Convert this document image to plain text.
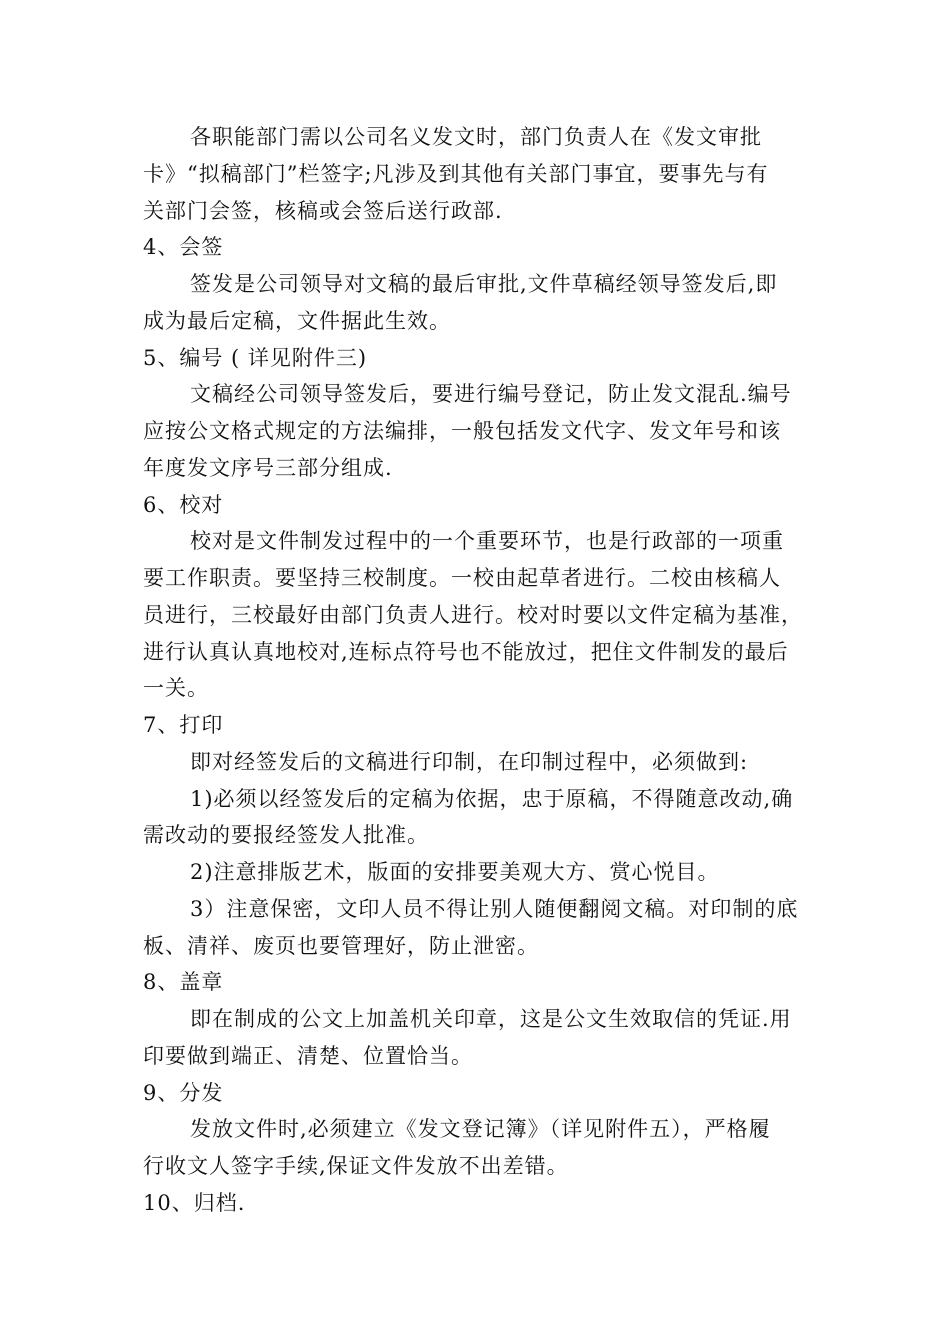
各职能部门需以公司名义发文时，部门负责人在《发文审批
卡》“拟稿部门”栏签字;凡涉及到其他有关部门事宜，要事先与有
关部门会签，核稿或会签后送行政部.
4、会签
签发是公司领导对文稿的最后审批,文件草稿经领导签发后,即
成为最后定稿，文件据此生效。
5、编号 ( 详见附件三)
文稿经公司领导签发后，要进行编号登记，防止发文混乱.编号
应按公文格式规定的方法编排，一般包括发文代字、发文年号和该
年度发文序号三部分组成.
6、校对
校对是文件制发过程中的一个重要环节，也是行政部的一项重
要工作职责。要坚持三校制度。一校由起草者进行。二校由核稿人
员进行，三校最好由部门负责人进行。校对时要以文件定稿为基准，
进行认真认真地校对,连标点符号也不能放过，把住文件制发的最后
一关。
7、打印
即对经签发后的文稿进行印制，在印制过程中，必须做到:
1)必须以经签发后的定稿为依据，忠于原稿，不得随意改动,确
需改动的要报经签发人批准。
2)注意排版艺术，版面的安排要美观大方、赏心悦目。
3）注意保密，文印人员不得让别人随便翻阅文稿。对印制的底
板、清祥、废页也要管理好，防止泄密。
8、盖章
即在制成的公文上加盖机关印章，这是公文生效取信的凭证.用
印要做到端正、清楚、位置恰当。
9、分发
发放文件时,必须建立《发文登记簿》（详见附件五），严格履
行收文人签字手续,保证文件发放不出差错。
10、归档.
